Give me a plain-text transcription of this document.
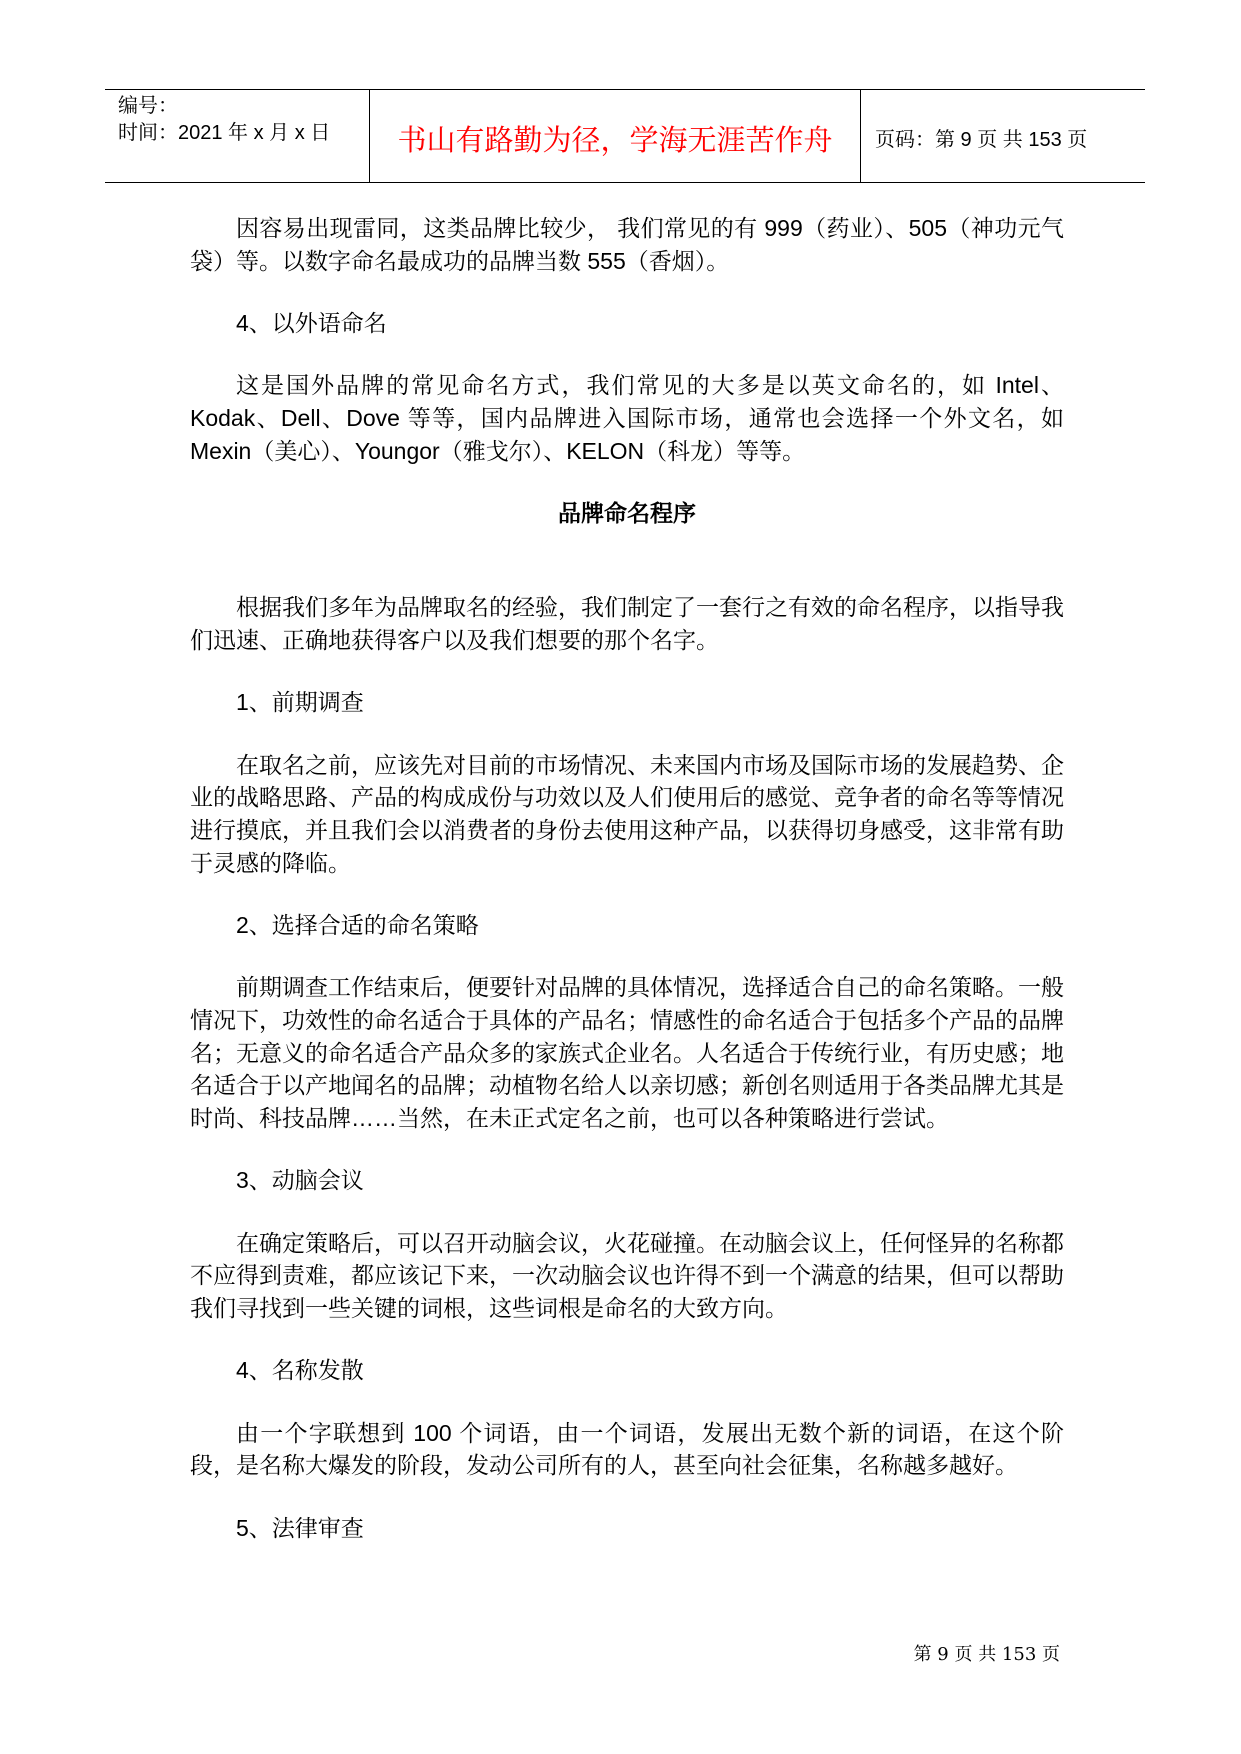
编号：
时间：2021 年 x 月 x 日	书山有路勤为径，学海无涯苦作舟	页码：第 9 页 共 153 页

因容易出现雷同，这类品牌比较少， 我们常见的有 999（药业）、505（神功元气袋）等。以数字命名最成功的品牌当数 555（香烟）。

4、以外语命名

这是国外品牌的常见命名方式，我们常见的大多是以英文命名的，如 Intel、Kodak、Dell、Dove 等等，国内品牌进入国际市场，通常也会选择一个外文名，如 Mexin（美心）、Youngor（雅戈尔）、KELON（科龙）等等。

品牌命名程序

根据我们多年为品牌取名的经验，我们制定了一套行之有效的命名程序，以指导我们迅速、正确地获得客户以及我们想要的那个名字。

1、前期调查

在取名之前，应该先对目前的市场情况、未来国内市场及国际市场的发展趋势、企业的战略思路、产品的构成成份与功效以及人们使用后的感觉、竞争者的命名等等情况进行摸底，并且我们会以消费者的身份去使用这种产品，以获得切身感受，这非常有助于灵感的降临。

2、选择合适的命名策略

前期调查工作结束后，便要针对品牌的具体情况，选择适合自己的命名策略。一般情况下，功效性的命名适合于具体的产品名；情感性的命名适合于包括多个产品的品牌名；无意义的命名适合产品众多的家族式企业名。人名适合于传统行业，有历史感；地名适合于以产地闻名的品牌；动植物名给人以亲切感；新创名则适用于各类品牌尤其是时尚、科技品牌……当然，在未正式定名之前，也可以各种策略进行尝试。

3、动脑会议

在确定策略后，可以召开动脑会议，火花碰撞。在动脑会议上，任何怪异的名称都不应得到责难，都应该记下来，一次动脑会议也许得不到一个满意的结果，但可以帮助我们寻找到一些关键的词根，这些词根是命名的大致方向。

4、名称发散

由一个字联想到 100 个词语，由一个词语，发展出无数个新的词语，在这个阶段，是名称大爆发的阶段，发动公司所有的人，甚至向社会征集，名称越多越好。

5、法律审查

第 9 页 共 153 页
